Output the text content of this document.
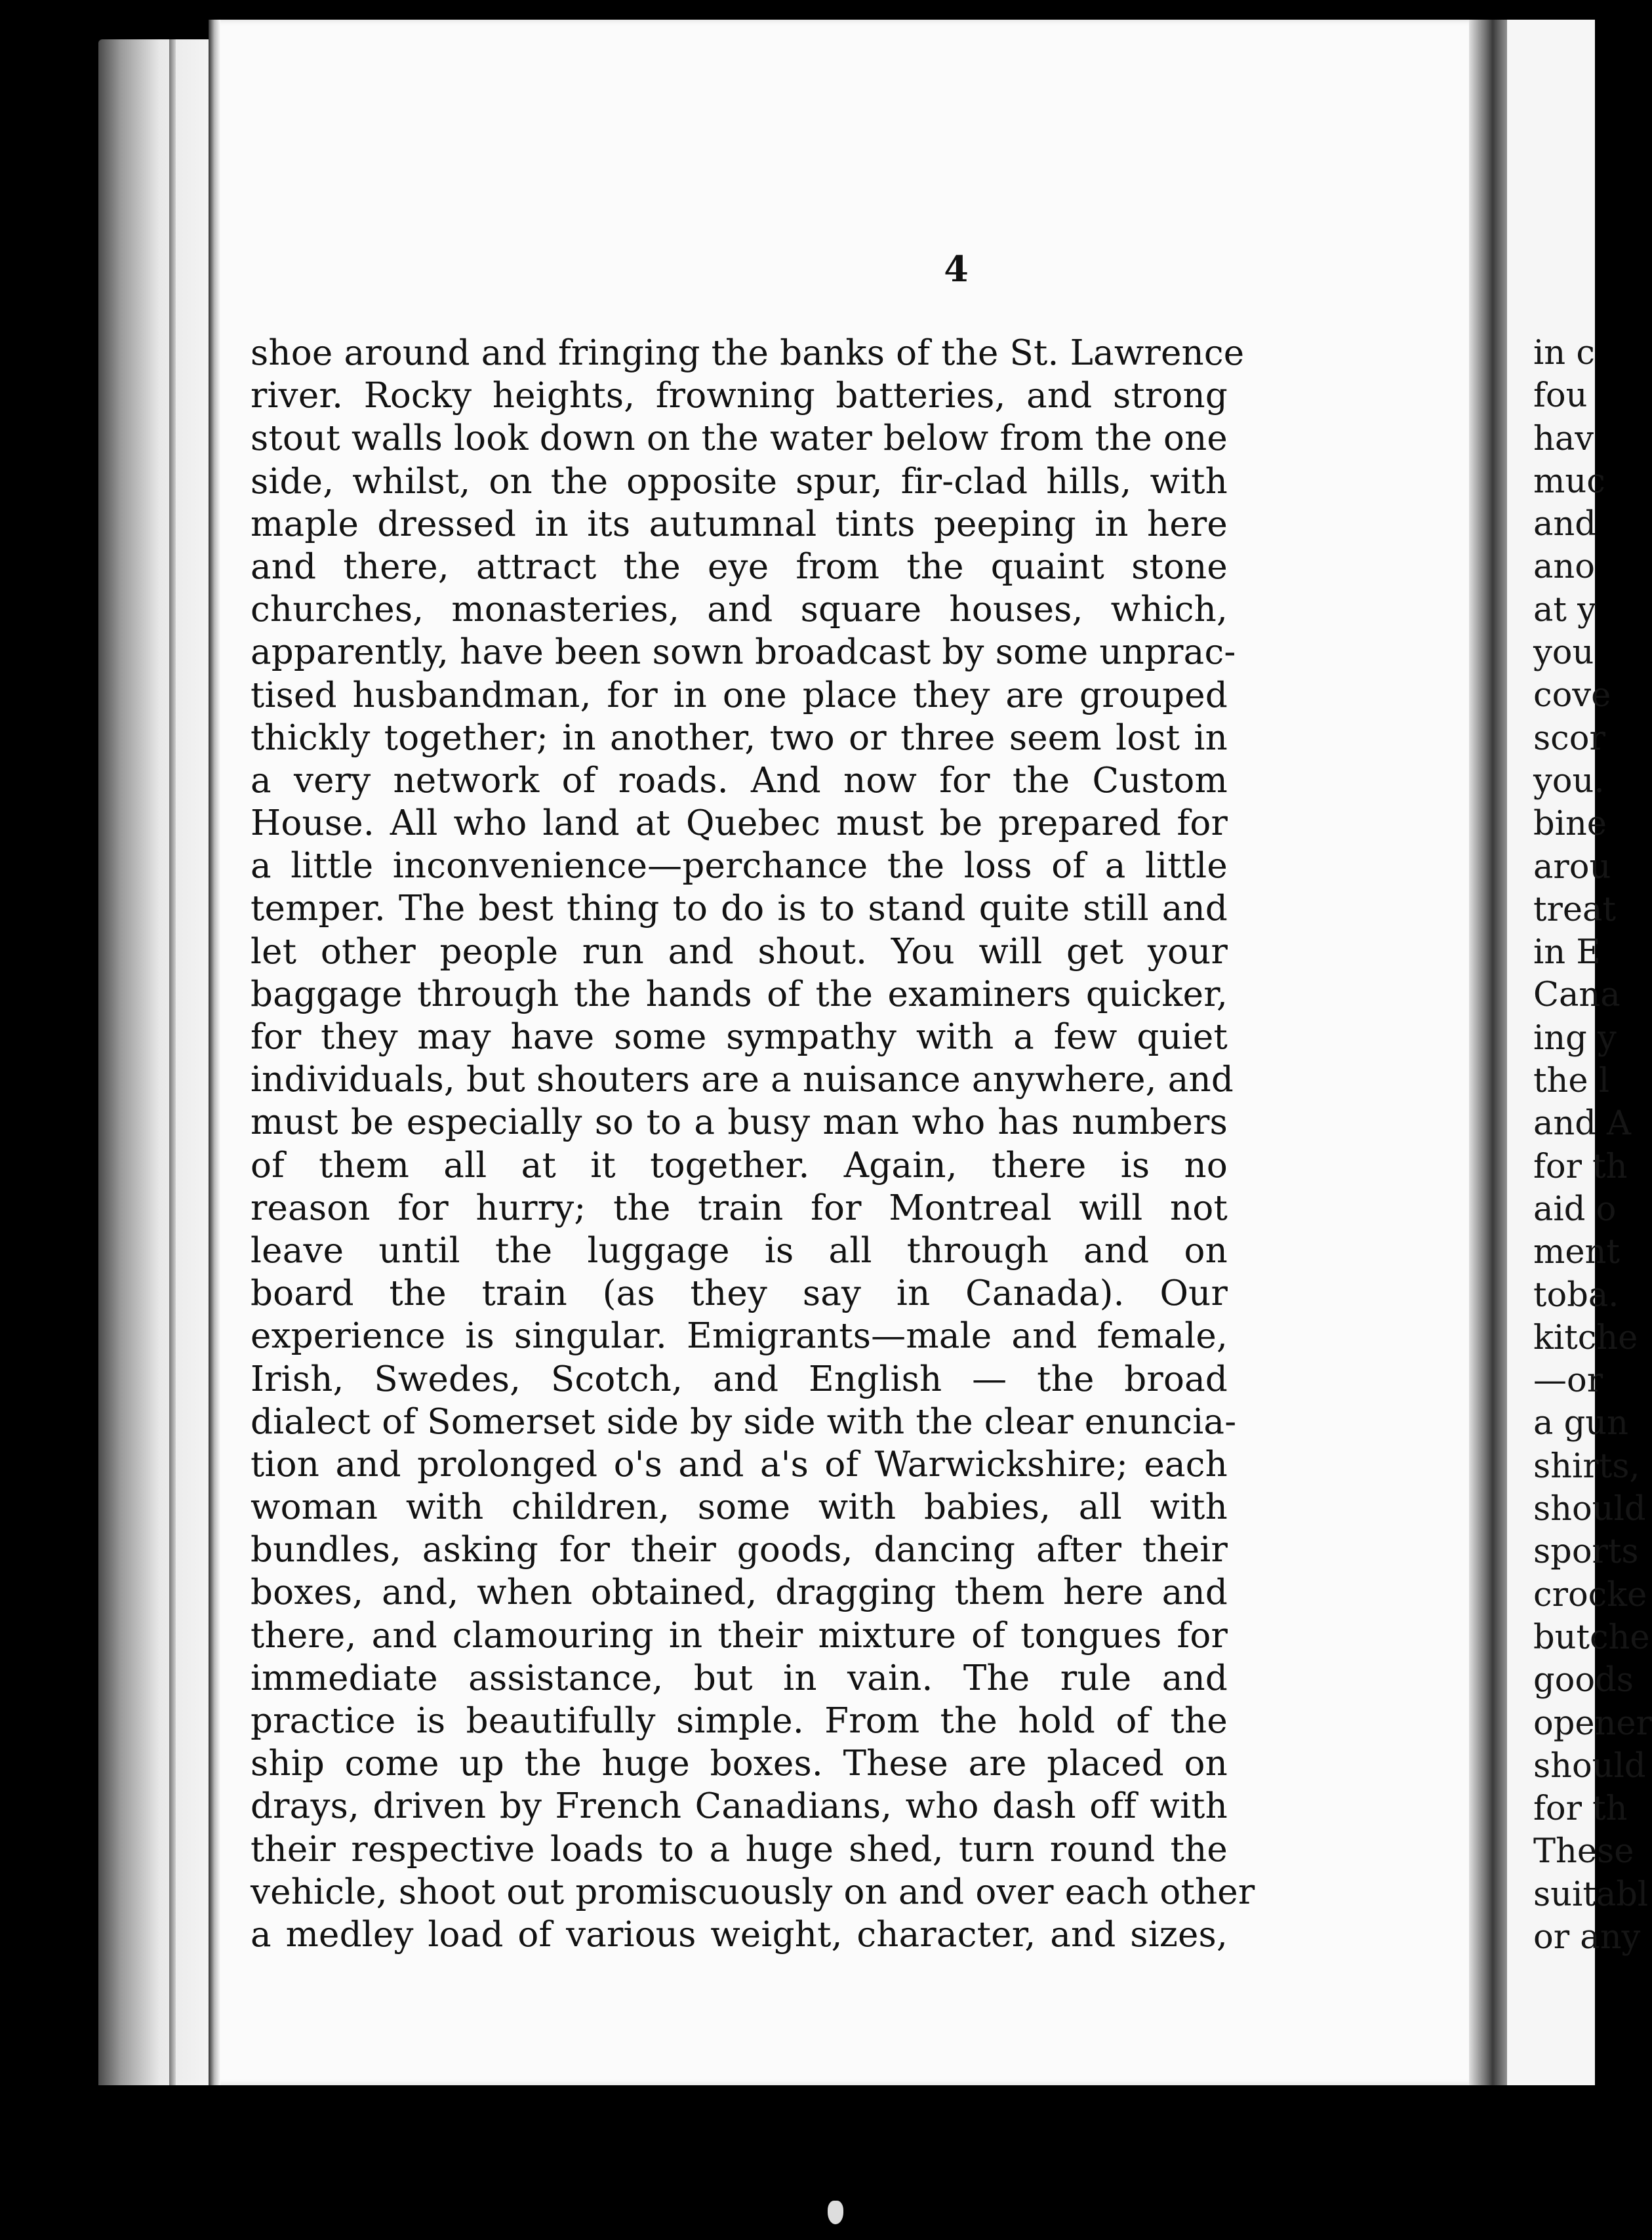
4
shoe around and fringing the banks of the St. Lawrence
river. Rocky heights, frowning batteries, and strong
stout walls look down on the water below from the one
side, whilst, on the opposite spur, fir-clad hills, with
maple dressed in its autumnal tints peeping in here
and there, attract the eye from the quaint stone
churches, monasteries, and square houses, which,
apparently, have been sown broadcast by some unprac-
tised husbandman, for in one place they are grouped
thickly together; in another, two or three seem lost in
a very network of roads. And now for the Custom
House. All who land at Quebec must be prepared for
a little inconvenience—perchance the loss of a little
temper. The best thing to do is to stand quite still and
let other people run and shout. You will get your
baggage through the hands of the examiners quicker,
for they may have some sympathy with a few quiet
individuals, but shouters are a nuisance anywhere, and
must be especially so to a busy man who has numbers
of them all at it together. Again, there is no
reason for hurry; the train for Montreal will not
leave until the luggage is all through and on
board the train (as they say in Canada). Our
experience is singular. Emigrants—male and female,
Irish, Swedes, Scotch, and English — the broad
dialect of Somerset side by side with the clear enuncia-
tion and prolonged o's and a's of Warwickshire; each
woman with children, some with babies, all with
bundles, asking for their goods, dancing after their
boxes, and, when obtained, dragging them here and
there, and clamouring in their mixture of tongues for
immediate assistance, but in vain. The rule and
practice is beautifully simple. From the hold of the
ship come up the huge boxes. These are placed on
drays, driven by French Canadians, who dash off with
their respective loads to a huge shed, turn round the
vehicle, shoot out promiscuously on and over each other
a medley load of various weight, character, and sizes,
in c
fou
hav
muc
and
ano
at y
you
cove
scor
you.
bine
arou
treat
in E
Cana
ing y
the l
and A
for th
aid o
ment
toba.
kitche
—or
a gun
shirts,
should
sports
crocke
butche
goods
opener
should
for th
These
suitabl
or any
